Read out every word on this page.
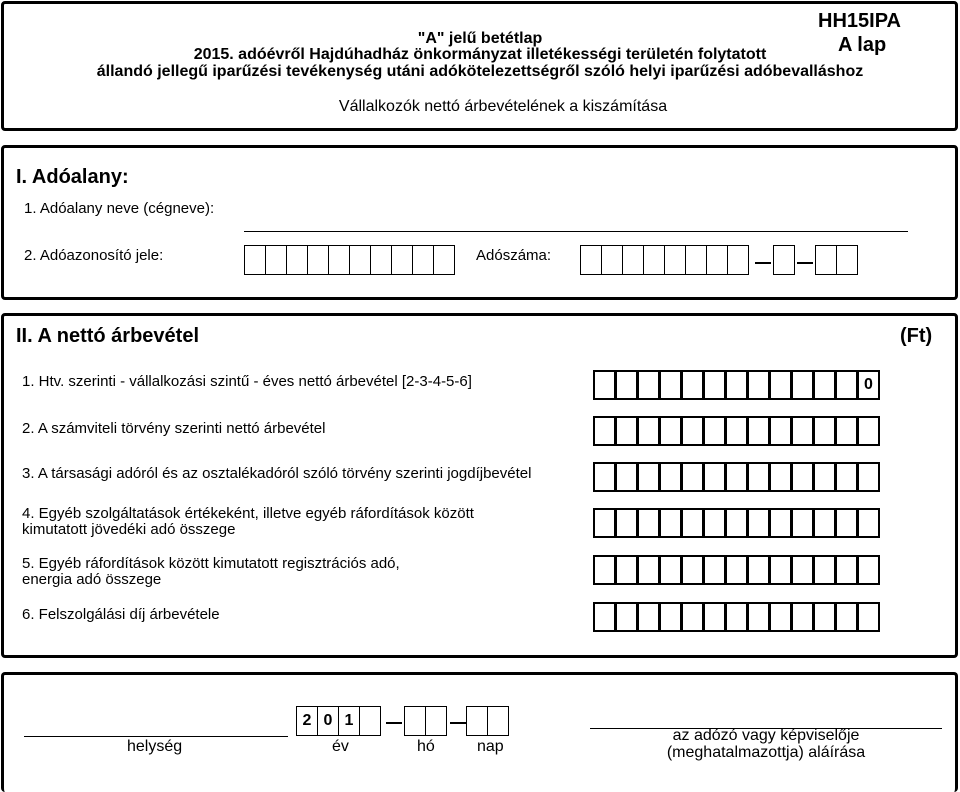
HH15IPA
A lap
"A" jelű betétlap
2015. adóévről Hajdúhadház önkormányzat illetékességi területén folytatott
állandó jellegű iparűzési tevékenység utáni adókötelezettségről szóló helyi iparűzési adóbevalláshoz
Vállalkozók nettó árbevételének a kiszámítása
I. Adóalany:
1. Adóalany neve (cégneve):
2. Adóazonosító jele:	Adószáma:
II. A nettó árbevétel	(Ft)
1. Htv. szerinti - vállalkozási szintű - éves nettó árbevétel [2-3-4-5-6]	0
2. A számviteli törvény szerinti nettó árbevétel
3. A társasági adóról és az osztalékadóról szóló törvény szerinti jogdíjbevétel
4. Egyéb szolgáltatások értékeként, illetve egyéb ráfordítások között
kimutatott jövedéki adó összege
5. Egyéb ráfordítások között kimutatott regisztrációs adó,
energia adó összege
6. Felszolgálási díj árbevétele
helység
2 0 1
év	hó	nap
az adózó vagy képviselője
(meghatalmazottja) aláírása
